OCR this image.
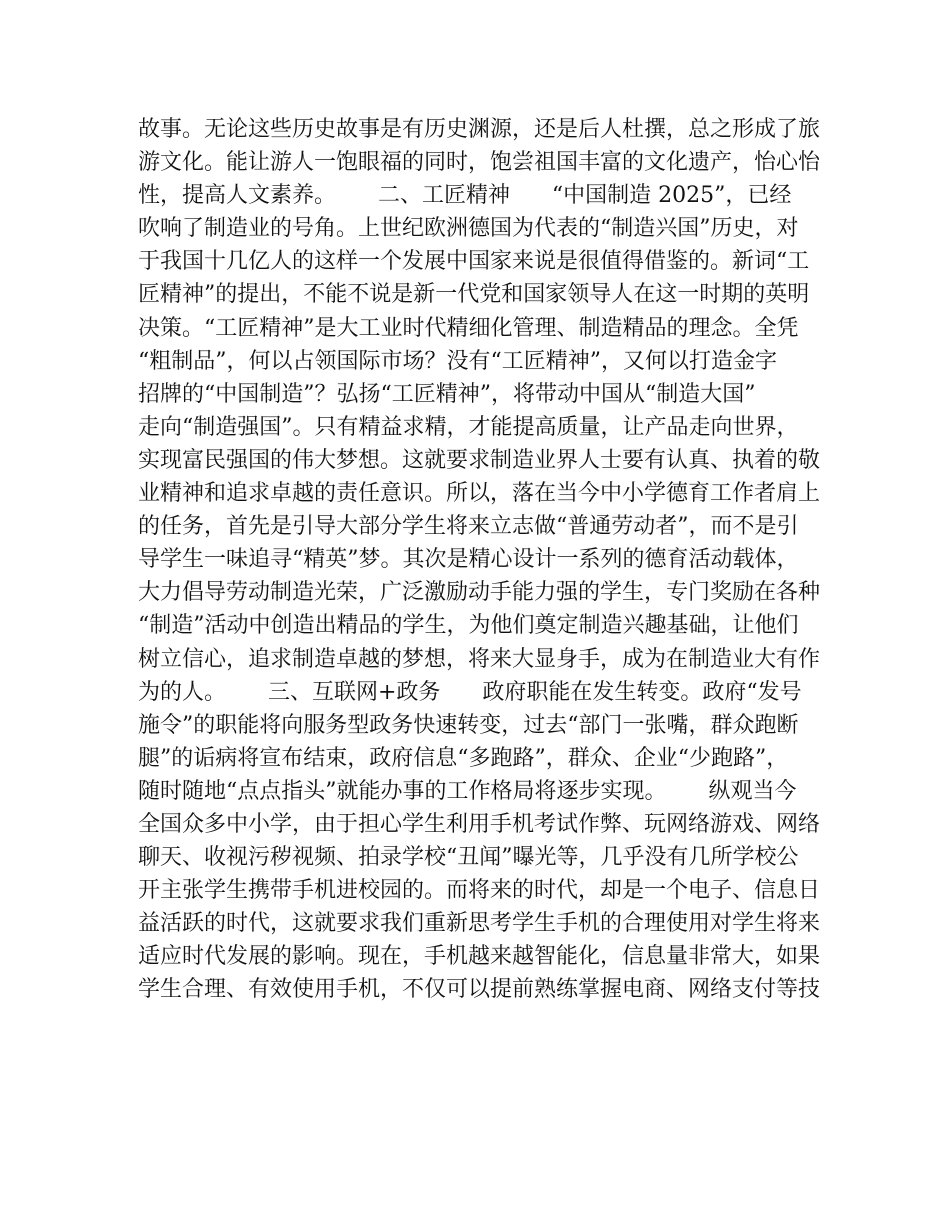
故事。无论这些历史故事是有历史渊源，还是后人杜撰，总之形成了旅
游文化。能让游人一饱眼福的同时，饱尝祖国丰富的文化遗产，怡心怡
性，提高人文素养。      二、工匠精神      “中国制造 2025”，已经
吹响了制造业的号角。上世纪欧洲德国为代表的“制造兴国”历史，对
于我国十几亿人的这样一个发展中国家来说是很值得借鉴的。新词“工
匠精神”的提出，不能不说是新一代党和国家领导人在这一时期的英明
决策。“工匠精神”是大工业时代精细化管理、制造精品的理念。全凭
“粗制品”，何以占领国际市场？没有“工匠精神”，又何以打造金字
招牌的“中国制造”？弘扬“工匠精神”，将带动中国从“制造大国”
走向“制造强国”。只有精益求精，才能提高质量，让产品走向世界，
实现富民强国的伟大梦想。这就要求制造业界人士要有认真、执着的敬
业精神和追求卓越的责任意识。所以，落在当今中小学德育工作者肩上
的任务，首先是引导大部分学生将来立志做“普通劳动者”，而不是引
导学生一味追寻“精英”梦。其次是精心设计一系列的德育活动载体，
大力倡导劳动制造光荣，广泛激励动手能力强的学生，专门奖励在各种
“制造”活动中创造出精品的学生，为他们奠定制造兴趣基础，让他们
树立信心，追求制造卓越的梦想，将来大显身手，成为在制造业大有作
为的人。      三、互联网+政务      政府职能在发生转变。政府“发号
施令”的职能将向服务型政务快速转变，过去“部门一张嘴，群众跑断
腿”的诟病将宣布结束，政府信息“多跑路”，群众、企业“少跑路”，
随时随地“点点指头”就能办事的工作格局将逐步实现。      纵观当今
全国众多中小学，由于担心学生利用手机考试作弊、玩网络游戏、网络
聊天、收视污秽视频、拍录学校“丑闻”曝光等，几乎没有几所学校公
开主张学生携带手机进校园的。而将来的时代，却是一个电子、信息日
益活跃的时代，这就要求我们重新思考学生手机的合理使用对学生将来
适应时代发展的影响。现在，手机越来越智能化，信息量非常大，如果
学生合理、有效使用手机，不仅可以提前熟练掌握电商、网络支付等技
